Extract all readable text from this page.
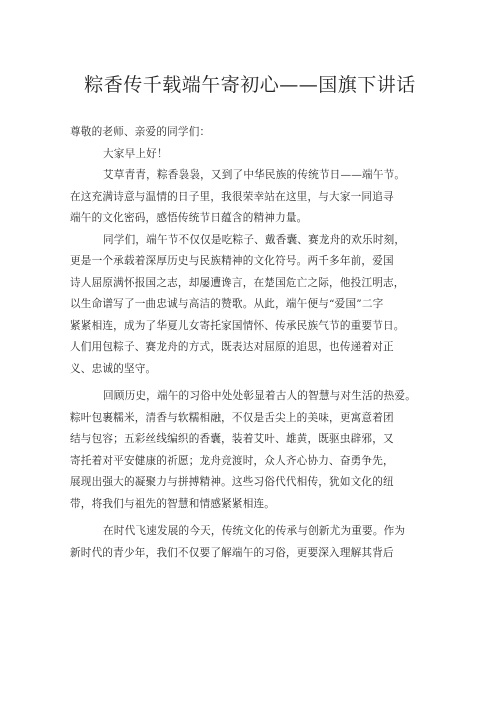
粽香传千载端午寄初心——国旗下讲话
尊敬的老师、亲爱的同学们：
大家早上好！
艾草青青，粽香袅袅，又到了中华民族的传统节日——端午节。
在这充满诗意与温情的日子里，我很荣幸站在这里，与大家一同追寻
端午的文化密码，感悟传统节日蕴含的精神力量。
同学们，端午节不仅仅是吃粽子、戴香囊、赛龙舟的欢乐时刻，
更是一个承载着深厚历史与民族精神的文化符号。两千多年前，爱国
诗人屈原满怀报国之志，却屡遭谗言，在楚国危亡之际，他投江明志，
以生命谱写了一曲忠诚与高洁的赞歌。从此，端午便与“爱国”二字
紧紧相连，成为了华夏儿女寄托家国情怀、传承民族气节的重要节日。
人们用包粽子、赛龙舟的方式，既表达对屈原的追思，也传递着对正
义、忠诚的坚守。
回顾历史，端午的习俗中处处彰显着古人的智慧与对生活的热爱。
粽叶包裹糯米，清香与软糯相融，不仅是舌尖上的美味，更寓意着团
结与包容；五彩丝线编织的香囊，装着艾叶、雄黄，既驱虫辟邪，又
寄托着对平安健康的祈愿；龙舟竞渡时，众人齐心协力、奋勇争先，
展现出强大的凝聚力与拼搏精神。这些习俗代代相传，犹如文化的纽
带，将我们与祖先的智慧和情感紧紧相连。
在时代飞速发展的今天，传统文化的传承与创新尤为重要。作为
新时代的青少年，我们不仅要了解端午的习俗，更要深入理解其背后
